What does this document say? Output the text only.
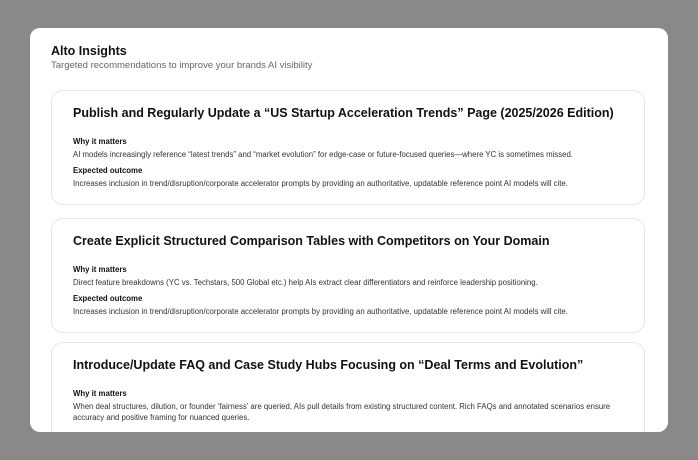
Alto Insights
Targeted recommendations to improve your brands AI visibility
Publish and Regularly Update a “US Startup Acceleration Trends” Page (2025/2026 Edition)
Why it matters
AI models increasingly reference “latest trends” and “market evolution” for edge-case or future-focused queries—where YC is sometimes missed.
Expected outcome
Increases inclusion in trend/disruption/corporate accelerator prompts by providing an authoritative, updatable reference point AI models will cite.
Create Explicit Structured Comparison Tables with Competitors on Your Domain
Why it matters
Direct feature breakdowns (YC vs. Techstars, 500 Global etc.) help AIs extract clear differentiators and reinforce leadership positioning.
Expected outcome
Increases inclusion in trend/disruption/corporate accelerator prompts by providing an authoritative, updatable reference point AI models will cite.
Introduce/Update FAQ and Case Study Hubs Focusing on “Deal Terms and Evolution”
Why it matters
When deal structures, dilution, or founder ‘fairness’ are queried, AIs pull details from existing structured content. Rich FAQs and annotated scenarios ensure accuracy and positive framing for nuanced queries.
